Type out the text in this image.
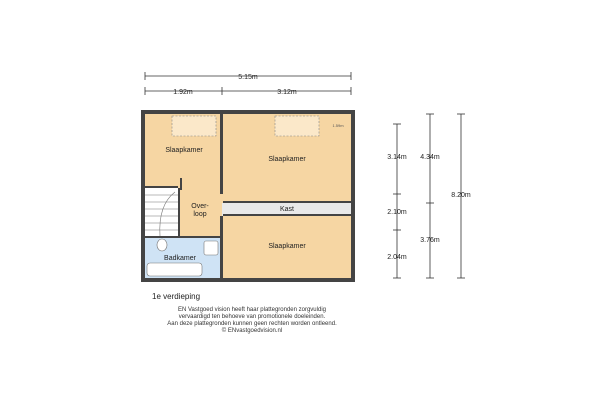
5.15m
1.92m	3.12m
1.59m
Slaapkamer
Slaapkamer
Over-
loop
Kast
Slaapkamer
Badkamer
3.14m
2.10m
2.04m
4.34m
3.76m
8.20m
1e verdieping
EN Vastgoed vision heeft haar plattegronden zorgvuldig
vervaardigd ten behoeve van promotionele doeleinden.
Aan deze plattegronden kunnen geen rechten worden ontleend.
© ENvastgoedvision.nl
